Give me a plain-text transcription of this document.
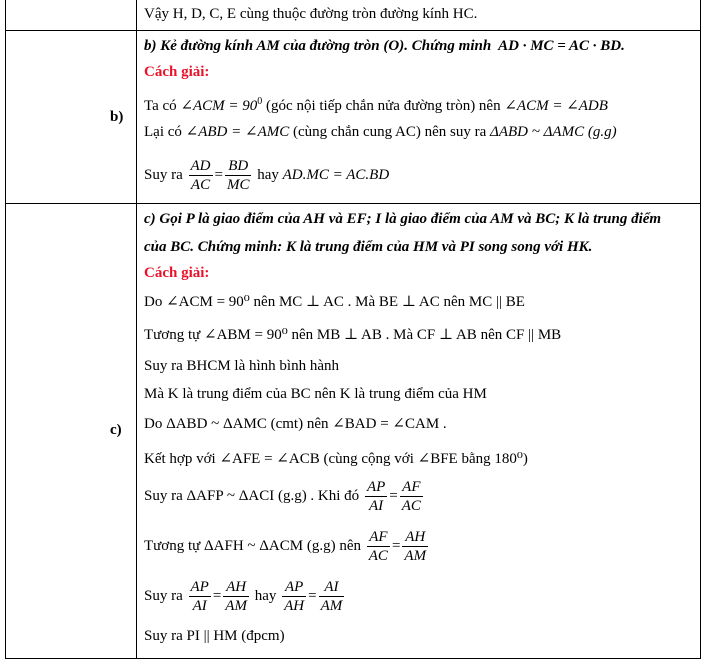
b)
c)
Vậy H, D, C, E cùng thuộc đường tròn đường kính HC.
b) Kẻ đường kính AM của đường tròn (O). Chứng minh AD · MC = AC · BD.
Cách giải:
Ta có ∠ACM = $90^0$ (góc nội tiếp chắn nửa đường tròn) nên ∠ACM = ∠ADB
Lại có ∠ABD = ∠AMC (cùng chắn cung AC) nên suy ra ΔABD ~ ΔAMC (g.g)
Suy ra $\frac{AD}{AC} = \frac{BD}{MC}$ hay AD.MC = AC.BD
c) Gọi P là giao điểm của AH và EF; I là giao điểm của AM và BC; K là trung điểm
của BC. Chứng minh: K là trung điểm của HM và PI song song với HK.
Cách giải:
Do ∠ACM = 90⁰ nên MC ⊥ AC . Mà BE ⊥ AC nên MC || BE
Tương tự ∠ABM = 90⁰ nên MB ⊥ AB . Mà CF ⊥ AB nên CF || MB
Suy ra BHCM là hình bình hành
Mà K là trung điểm của BC nên K là trung điểm của HM
Do ΔABD ~ ΔAMC (cmt) nên ∠BAD = ∠CAM .
Kết hợp với ∠AFE = ∠ACB (cùng cộng với ∠BFE bằng 180⁰)
Suy ra ΔAFP ~ ΔACI (g.g) . Khi đó $\frac{AP}{AI} = \frac{AF}{AC}$
Tương tự ΔAFH ~ ΔACM (g.g) nên $\frac{AF}{AC} = \frac{AH}{AM}$
Suy ra $\frac{AP}{AI} = \frac{AH}{AM}$ hay $\frac{AP}{AH} = \frac{AI}{AM}$
Suy ra PI || HM (đpcm)
